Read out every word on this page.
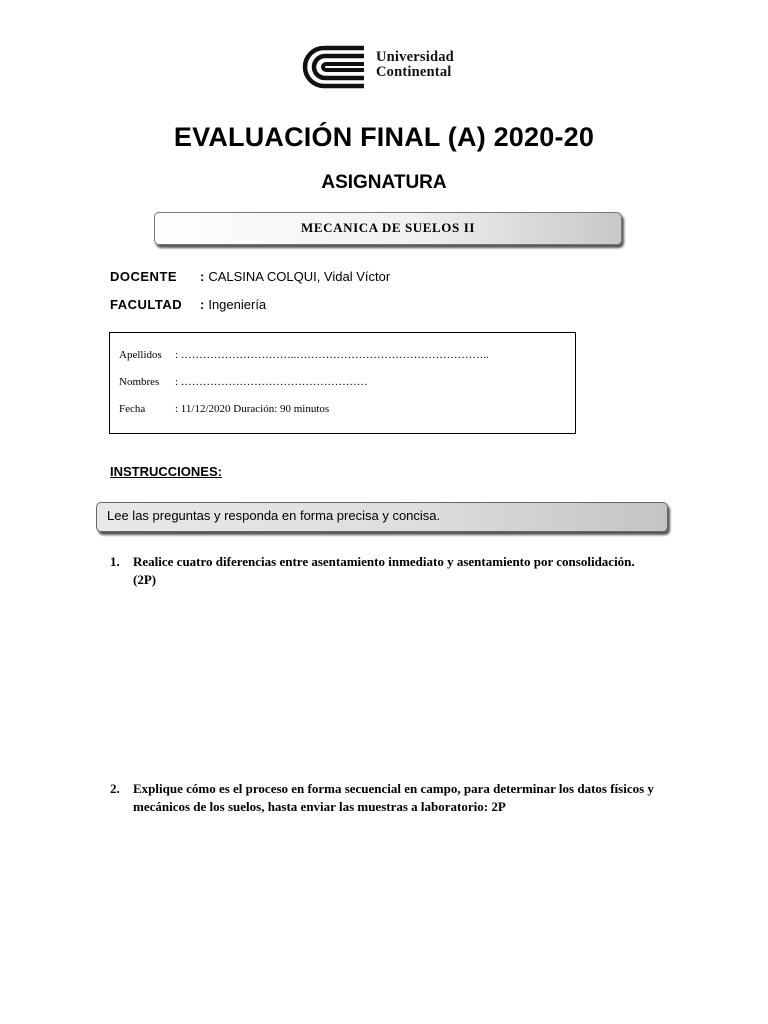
Universidad
Continental
EVALUACIÓN FINAL (A) 2020-20
ASIGNATURA
MECANICA DE SUELOS II
DOCENTE : CALSINA COLQUI, Vidal Víctor
FACULTAD : Ingeniería
Apellidos : …………………………..……………………………………………..
Nombres : ……………………………………………
Fecha	: 11/12/2020 Duración: 90 minutos
INSTRUCCIONES:
Lee las preguntas y responda en forma precisa y concisa.
1. Realice cuatro diferencias entre asentamiento inmediato y asentamiento por consolidación. (2P)
2. Explique cómo es el proceso en forma secuencial en campo, para determinar los datos físicos y mecánicos de los suelos, hasta enviar las muestras a laboratorio: 2P
